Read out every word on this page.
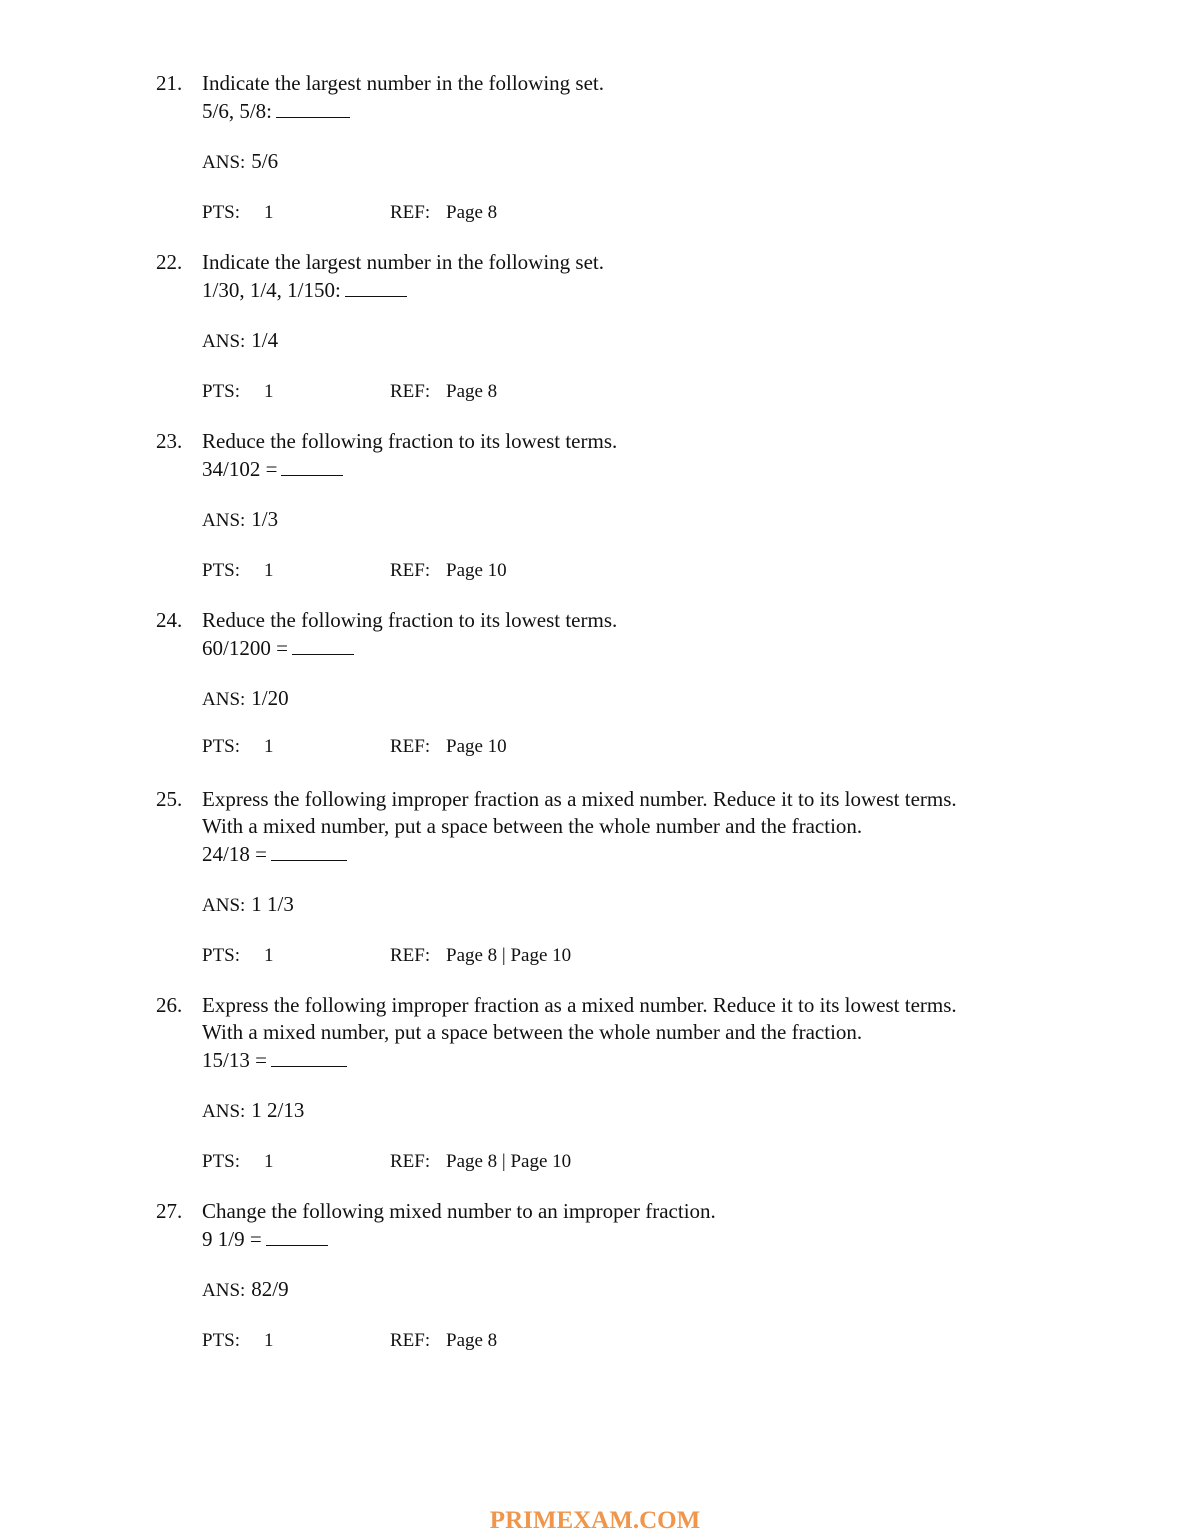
21. Indicate the largest number in the following set.
5/6, 5/8:
ANS: 5/6
PTS: 1	REF: Page 8
22. Indicate the largest number in the following set.
1/30, 1/4, 1/150:
ANS: 1/4
PTS: 1	REF: Page 8
23. Reduce the following fraction to its lowest terms.
34/102 =
ANS: 1/3
PTS: 1	REF: Page 10
24. Reduce the following fraction to its lowest terms.
60/1200 =
ANS: 1/20
PTS: 1	REF: Page 10
25. Express the following improper fraction as a mixed number. Reduce it to its lowest terms.
With a mixed number, put a space between the whole number and the fraction.
24/18 =
ANS: 1 1/3
PTS: 1	REF: Page 8 | Page 10
26. Express the following improper fraction as a mixed number. Reduce it to its lowest terms.
With a mixed number, put a space between the whole number and the fraction.
15/13 =
ANS: 1 2/13
PTS: 1	REF: Page 8 | Page 10
27. Change the following mixed number to an improper fraction.
9 1/9 =
ANS: 82/9
PTS: 1	REF: Page 8
PRIMEXAM.COM
